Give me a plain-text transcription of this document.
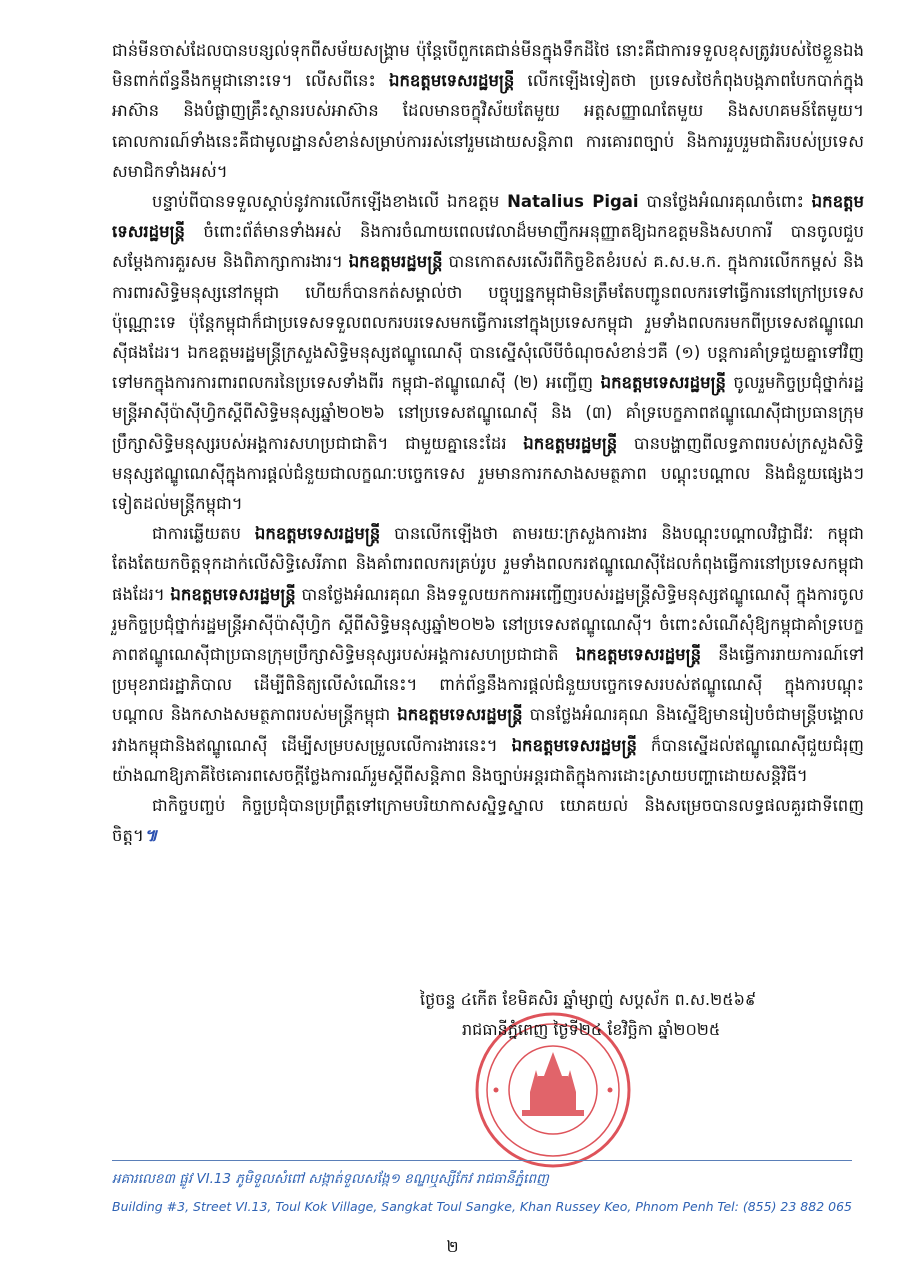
ជាន់មីនចាស់ដែលបានបន្សល់ទុកពីសម័យសង្គ្រាម ប៉ុន្តែបើពួកគេជាន់មីនក្នុងទឹកដីថៃ នោះគឺជាការទទួលខុសត្រូវរបស់ថៃខ្លួនឯង មិនពាក់ព័ន្ធនឹងកម្ពុជានោះទេ។ លើសពីនេះ ឯកឧត្តមទេសរដ្ឋមន្ត្រី លើកឡើងទៀតថា ប្រទេសថៃកំពុងបង្កភាពបែកបាក់ក្នុងអាស៊ាន និងបំផ្លាញគ្រឹះស្ថានរបស់អាស៊ាន ដែលមានចក្ខុវិស័យតែមួយ អត្តសញ្ញាណតែមួយ និងសហគមន៍តែមួយ។ គោលការណ៍ទាំងនេះគឺជាមូលដ្ឋានសំខាន់សម្រាប់ការរស់នៅរួមដោយសន្តិភាព ការគោរពច្បាប់ និងការរួបរួមជាតិរបស់ប្រទេសសមាជិកទាំងអស់។

បន្ទាប់ពីបានទទួលស្តាប់នូវការលើកឡើងខាងលើ ឯកឧត្តម Natalius Pigai បានថ្លែងអំណរគុណចំពោះ ឯកឧត្តមទេសរដ្ឋមន្ត្រី ចំពោះព័ត៌មានទាំងអស់ និងការចំណាយពេលវេលាដ៏មមាញឹកអនុញ្ញាតឱ្យឯកឧត្តមនិងសហការី បានចូលជួបសម្តែងការគួរសម និងពិភាក្សាការងារ។ ឯកឧត្តមរដ្ឋមន្ត្រី បានកោតសរសើរពីកិច្ចខិតខំរបស់ គ.ស.ម.ក. ក្នុងការលើកកម្ពស់ និងការពារសិទ្ធិមនុស្សនៅកម្ពុជា ហើយក៏បានកត់សម្គាល់ថា បច្ចុប្បន្នកម្ពុជាមិនត្រឹមតែបញ្ជូនពលករទៅធ្វើការនៅក្រៅប្រទេសប៉ុណ្ណោះទេ ប៉ុន្តែកម្ពុជាក៏ជាប្រទេសទទួលពលករបរទេសមកធ្វើការនៅក្នុងប្រទេសកម្ពុជា រួមទាំងពលករមកពីប្រទេសឥណ្ឌូណេស៊ីផងដែរ។ ឯកឧត្តមរដ្ឋមន្ត្រីក្រសួងសិទ្ធិមនុស្សឥណ្ឌូណេស៊ី បានស្នើសុំលើបីចំណុចសំខាន់ៗគឺ (១) បន្តការគាំទ្រជួយគ្នាទៅវិញទៅមកក្នុងការការពារពលករនៃប្រទេសទាំងពីរ កម្ពុជា-ឥណ្ឌូណេស៊ី (២) អញ្ជើញ ឯកឧត្តមទេសរដ្ឋមន្ត្រី ចូលរួមកិច្ចប្រជុំថ្នាក់រដ្ឋមន្ត្រីអាស៊ីប៉ាស៊ីហ្វិកស្តីពីសិទ្ធិមនុស្សឆ្នាំ២០២៦ នៅប្រទេសឥណ្ឌូណេស៊ី និង (៣) គាំទ្របេក្ខភាពឥណ្ឌូណេស៊ីជាប្រធានក្រុមប្រឹក្សាសិទ្ធិមនុស្សរបស់អង្គការសហប្រជាជាតិ។ ជាមួយគ្នានេះដែរ ឯកឧត្តមរដ្ឋមន្ត្រី បានបង្ហាញពីលទ្ធភាពរបស់ក្រសួងសិទ្ធិមនុស្សឥណ្ឌូណេស៊ីក្នុងការផ្តល់ជំនួយជាលក្ខណៈបច្ចេកទេស រួមមានការកសាងសមត្ថភាព បណ្តុះបណ្តាល និងជំនួយផ្សេងៗទៀតដល់មន្ត្រីកម្ពុជា។

ជាការឆ្លើយតប ឯកឧត្តមទេសរដ្ឋមន្ត្រី បានលើកឡើងថា តាមរយៈក្រសួងការងារ និងបណ្តុះបណ្តាលវិជ្ជាជីវៈ កម្ពុជាតែងតែយកចិត្តទុកដាក់លើសិទ្ធិសេរីភាព និងគាំពារពលករគ្រប់រូប រួមទាំងពលករឥណ្ឌូណេស៊ីដែលកំពុងធ្វើការនៅប្រទេសកម្ពុជាផងដែរ។ ឯកឧត្តមទេសរដ្ឋមន្ត្រី បានថ្លែងអំណរគុណ និងទទួលយកការអញ្ជើញរបស់រដ្ឋមន្ត្រីសិទ្ធិមនុស្សឥណ្ឌូណេស៊ី ក្នុងការចូលរួមកិច្ចប្រជុំថ្នាក់រដ្ឋមន្ត្រីអាស៊ីប៉ាស៊ីហ្វិក ស្តីពីសិទ្ធិមនុស្សឆ្នាំ២០២៦ នៅប្រទេសឥណ្ឌូណេស៊ី។ ចំពោះសំណើសុំឱ្យកម្ពុជាគាំទ្របេក្ខភាពឥណ្ឌូណេស៊ីជាប្រធានក្រុមប្រឹក្សាសិទ្ធិមនុស្សរបស់អង្គការសហប្រជាជាតិ ឯកឧត្តមទេសរដ្ឋមន្ត្រី នឹងធ្វើការរាយការណ៍ទៅប្រមុខរាជរដ្ឋាភិបាល ដើម្បីពិនិត្យលើសំណើនេះ។ ពាក់ព័ន្ធនឹងការផ្តល់ជំនួយបច្ចេកទេសរបស់ឥណ្ឌូណេស៊ី ក្នុងការបណ្តុះបណ្តាល និងកសាងសមត្ថភាពរបស់មន្ត្រីកម្ពុជា ឯកឧត្តមទេសរដ្ឋមន្ត្រី បានថ្លែងអំណរគុណ និងស្នើឱ្យមានរៀបចំជាមន្ត្រីបង្គោលរវាងកម្ពុជានិងឥណ្ឌូណេស៊ី ដើម្បីសម្របសម្រួលលើការងារនេះ។ ឯកឧត្តមទេសរដ្ឋមន្ត្រី ក៏បានស្នើដល់ឥណ្ឌូណេស៊ីជួយជំរុញយ៉ាងណាឱ្យភាគីថៃគោរពសេចក្តីថ្លែងការណ៍រួមស្តីពីសន្តិភាព និងច្បាប់អន្តរជាតិក្នុងការដោះស្រាយបញ្ហាដោយសន្តិវិធី។

ជាកិច្ចបញ្ចប់ កិច្ចប្រជុំបានប្រព្រឹត្តទៅក្រោមបរិយាកាសស្និទ្ធស្នាល យោគយល់ និងសម្រេចបានលទ្ធផលគួរជាទីពេញចិត្ត។៕

ថ្ងៃចន្ទ ៤កើត ខែមិគសិរ ឆ្នាំម្សាញ់ សប្តស័ក ព.ស.២៥៦៩
រាជធានីភ្នំពេញ ថ្ងៃទី២៤ ខែវិច្ឆិកា ឆ្នាំ២០២៥
អគារលេខ៣ ផ្លូវ VI.13 ភូមិទួលសំពៅ សង្កាត់ទួលសង្កែ១ ខណ្ឌឬស្សីកែវ រាជធានីភ្នំពេញ
Building #3, Street VI.13, Toul Kok Village, Sangkat Toul Sangke, Khan Russey Keo, Phnom Penh Tel: (855) 23 882 065
២
